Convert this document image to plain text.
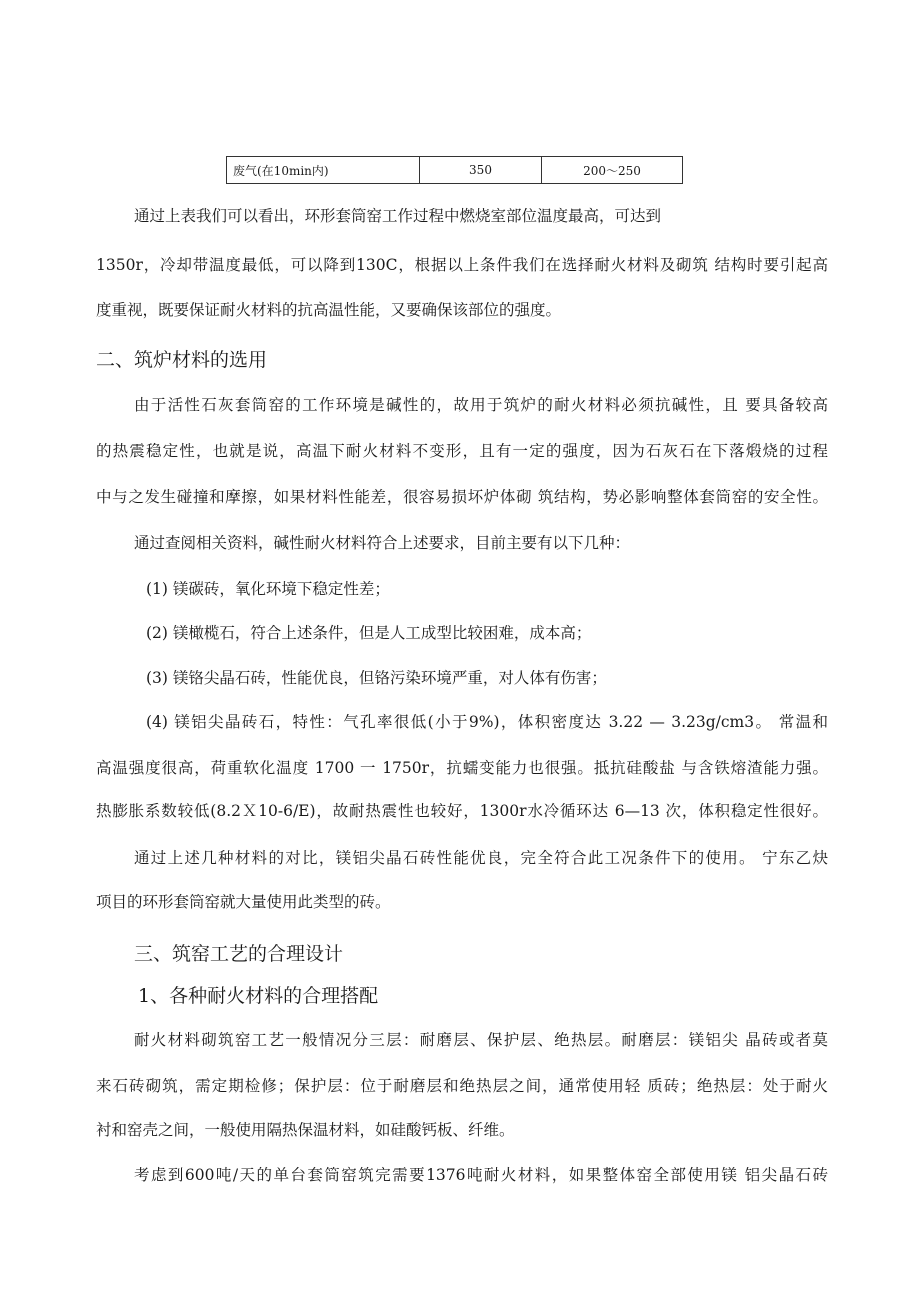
废气(在10min内)	350	200～250
通过上表我们可以看出，环形套筒窑工作过程中燃烧室部位温度最高，可达到
1350r，冷却带温度最低，可以降到130C，根据以上条件我们在选择耐火材料及砌筑 结构时要引起高
度重视，既要保证耐火材料的抗高温性能，又要确保该部位的强度。
二、筑炉材料的选用
由于活性石灰套筒窑的工作环境是碱性的，故用于筑炉的耐火材料必须抗碱性，且 要具备较高
的热震稳定性，也就是说，高温下耐火材料不变形，且有一定的强度，因为石灰石在下落煅烧的过程
中与之发生碰撞和摩擦，如果材料性能差，很容易损坏炉体砌 筑结构，势必影响整体套筒窑的安全性。
通过查阅相关资料，碱性耐火材料符合上述要求，目前主要有以下几种：
(1) 镁碳砖，氧化环境下稳定性差；
(2) 镁橄榄石，符合上述条件，但是人工成型比较困难，成本高；
(3) 镁铬尖晶石砖，性能优良，但铬污染环境严重，对人体有伤害；
(4) 镁铝尖晶砖石，特性：气孔率很低(小于9%)，体积密度达 3.22 — 3.23g/cm3。 常温和
高温强度很高，荷重软化温度 1700 一 1750r，抗蠕变能力也很强。抵抗硅酸盐 与含铁熔渣能力强。
热膨胀系数较低(8.2Ｘ10-6/E)，故耐热震性也较好，1300r水冷循环达 6—13 次，体积稳定性很好。
通过上述几种材料的对比，镁铝尖晶石砖性能优良，完全符合此工况条件下的使用。 宁东乙炔
项目的环形套筒窑就大量使用此类型的砖。
三、筑窑工艺的合理设计
1、各种耐火材料的合理搭配
耐火材料砌筑窑工艺一般情况分三层：耐磨层、保护层、绝热层。耐磨层：镁铝尖 晶砖或者莫
来石砖砌筑，需定期检修；保护层：位于耐磨层和绝热层之间，通常使用轻 质砖；绝热层：处于耐火
衬和窑壳之间，一般使用隔热保温材料，如硅酸钙板、纤维。
考虑到600吨/天的单台套筒窑筑完需要1376吨耐火材料，如果整体窑全部使用镁 铝尖晶石砖
